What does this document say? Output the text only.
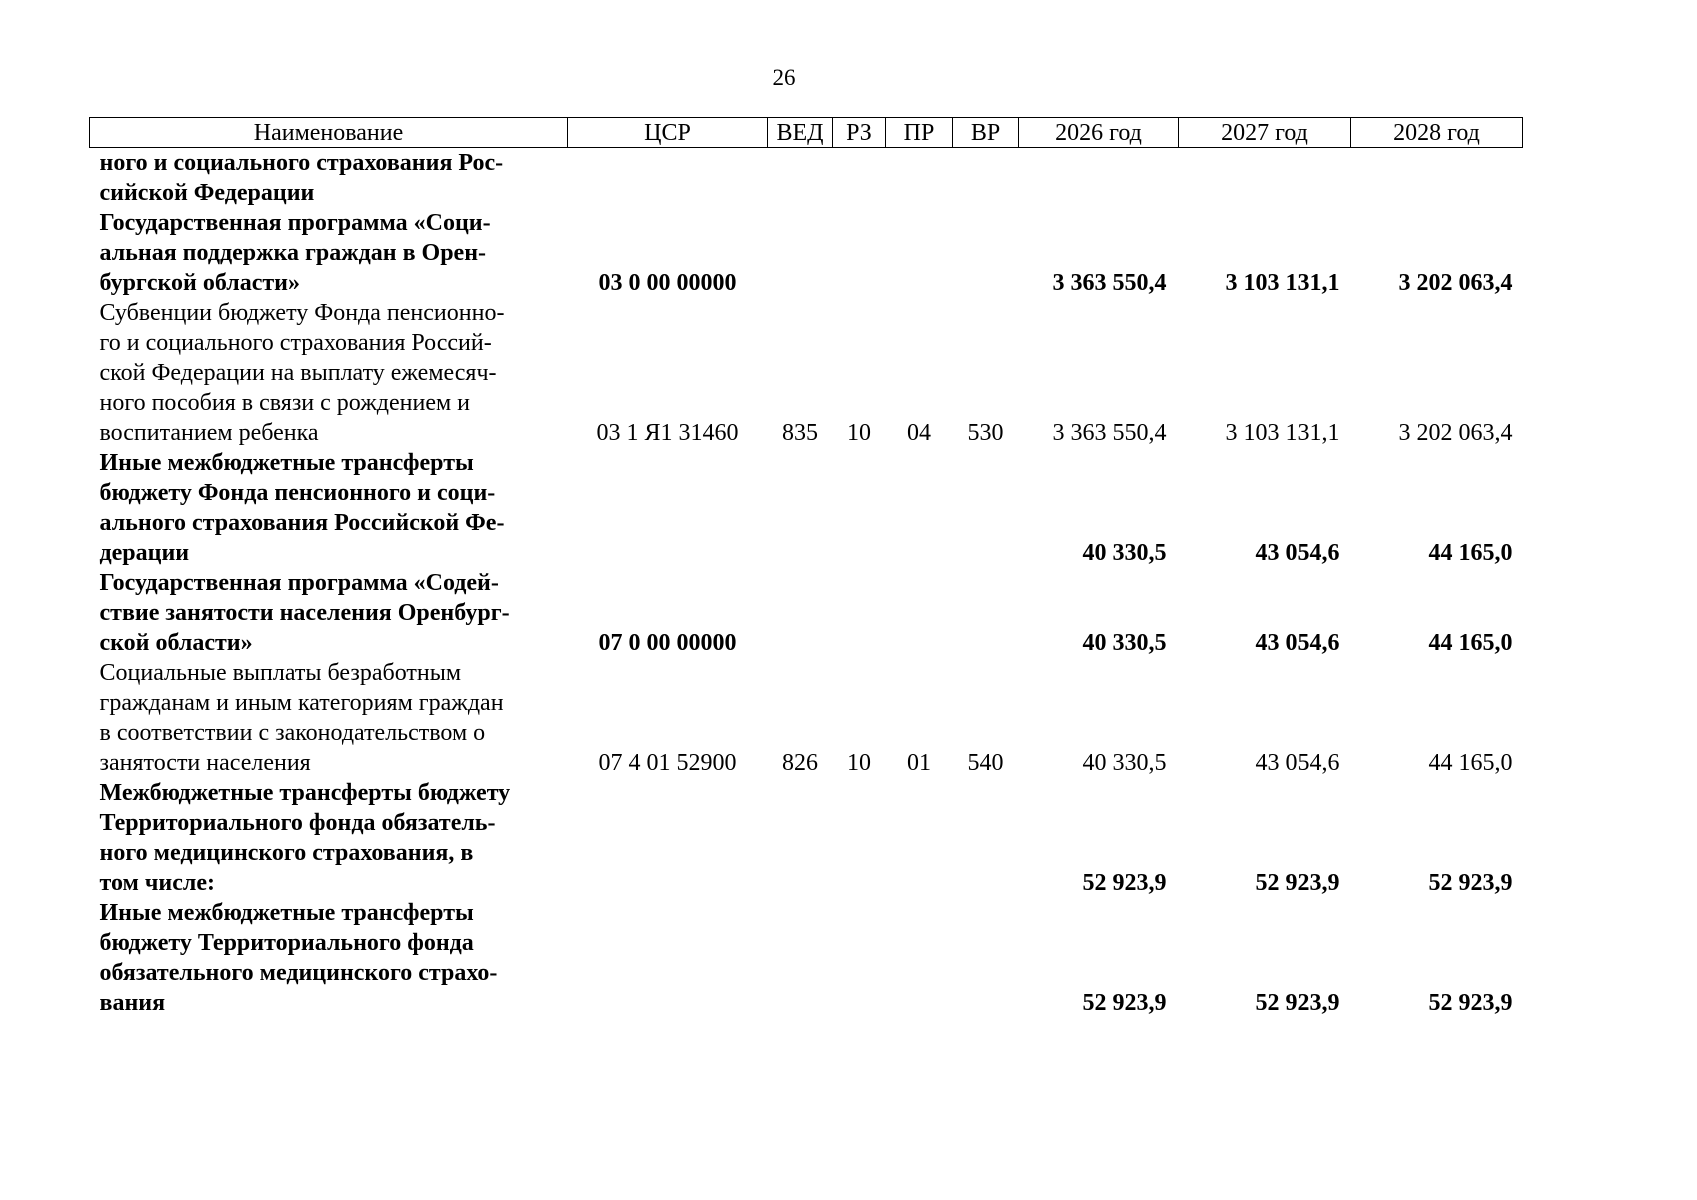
26
Наименование	ЦСР	ВЕД	РЗ	ПР	ВР	2026 год	2027 год	2028 год

ного и социального страхования Рос-
сийской Федерации								

Государственная программа «Соци-
альная поддержка граждан в Орен-
бургской области»	03 0 00 00000					3 363 550,4	3 103 131,1	3 202 063,4

Субвенции бюджету Фонда пенсионно-
го и социального страхования Россий-
ской Федерации на выплату ежемесяч-
ного пособия в связи с рождением и
воспитанием ребенка	03 1 Я1 31460	835	10	04	530	3 363 550,4	3 103 131,1	3 202 063,4

Иные межбюджетные трансферты
бюджету Фонда пенсионного и соци-
ального страхования Российской Фе-
дерации						40 330,5	43 054,6	44 165,0

Государственная программа «Содей-
ствие занятости населения Оренбург-
ской области»	07 0 00 00000					40 330,5	43 054,6	44 165,0

Социальные выплаты безработным
гражданам и иным категориям граждан
в соответствии с законодательством о
занятости населения	07 4 01 52900	826	10	01	540	40 330,5	43 054,6	44 165,0

Межбюджетные трансферты бюджету
Территориального фонда обязатель-
ного медицинского страхования, в
том числе:						52 923,9	52 923,9	52 923,9

Иные межбюджетные трансферты
бюджету Территориального фонда
обязательного медицинского страхо-
вания						52 923,9	52 923,9	52 923,9
